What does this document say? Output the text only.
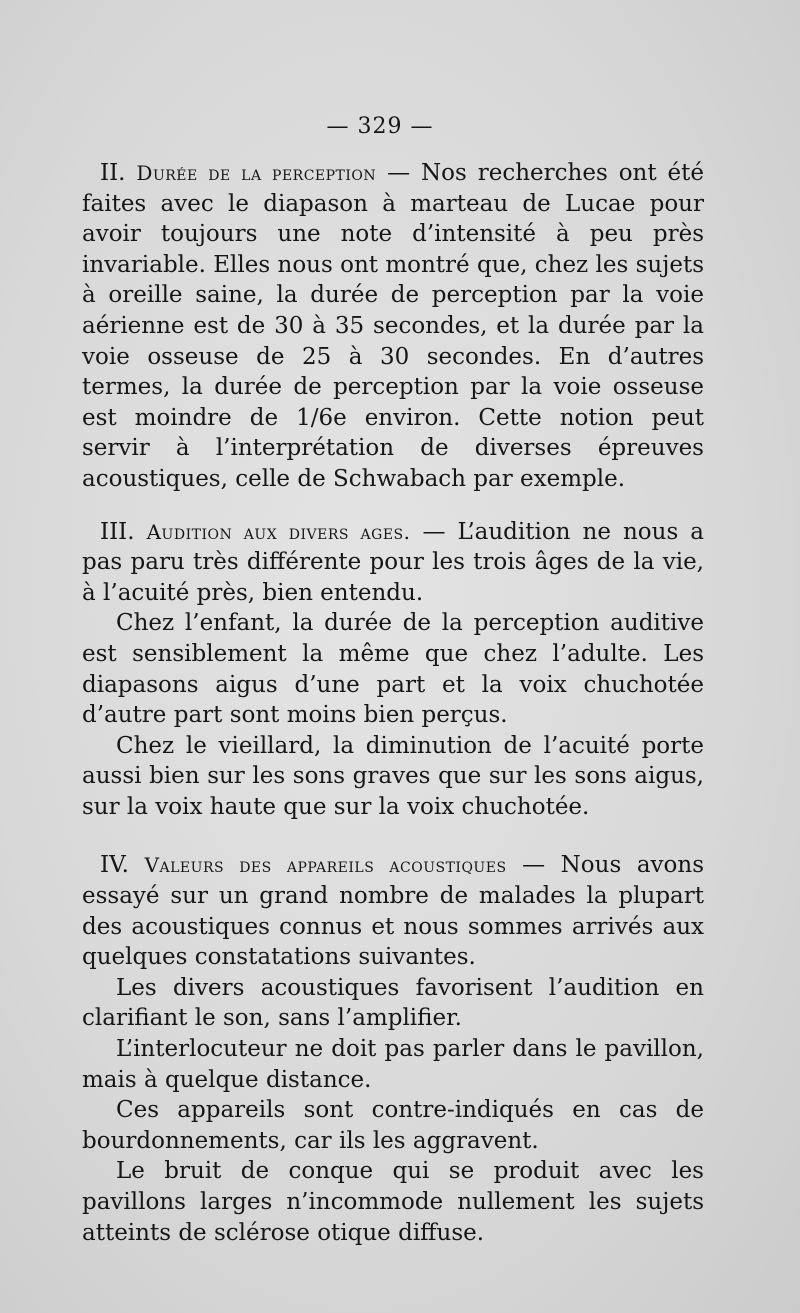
— 329 —

II. Durée de la perception — Nos recherches ont été faites avec le diapason à marteau de Lucae pour avoir toujours une note d’intensité à peu près invariable. Elles nous ont montré que, chez les sujets à oreille saine, la durée de perception par la voie aérienne est de 30 à 35 secondes, et la durée par la voie osseuse de 25 à 30 secondes. En d’autres termes, la durée de perception par la voie osseuse est moindre de 1/6e environ. Cette notion peut servir à l’interprétation de diverses épreuves acoustiques, celle de Schwabach par exemple.

III. Audition aux divers ages. — L’audition ne nous a pas paru très différente pour les trois âges de la vie, à l’acuité près, bien entendu.

Chez l’enfant, la durée de la perception auditive est sensiblement la même que chez l’adulte. Les diapasons aigus d’une part et la voix chuchotée d’autre part sont moins bien perçus.

Chez le vieillard, la diminution de l’acuité porte aussi bien sur les sons graves que sur les sons aigus, sur la voix haute que sur la voix chuchotée.

IV. Valeurs des appareils acoustiques — Nous avons essayé sur un grand nombre de malades la plupart des acoustiques connus et nous sommes arrivés aux quelques constatations suivantes.

Les divers acoustiques favorisent l’audition en clarifiant le son, sans l’amplifier.

L’interlocuteur ne doit pas parler dans le pavillon, mais à quelque distance.

Ces appareils sont contre-indiqués en cas de bourdonnements, car ils les aggravent.

Le bruit de conque qui se produit avec les pavillons larges n’incommode nullement les sujets atteints de sclérose otique diffuse.
